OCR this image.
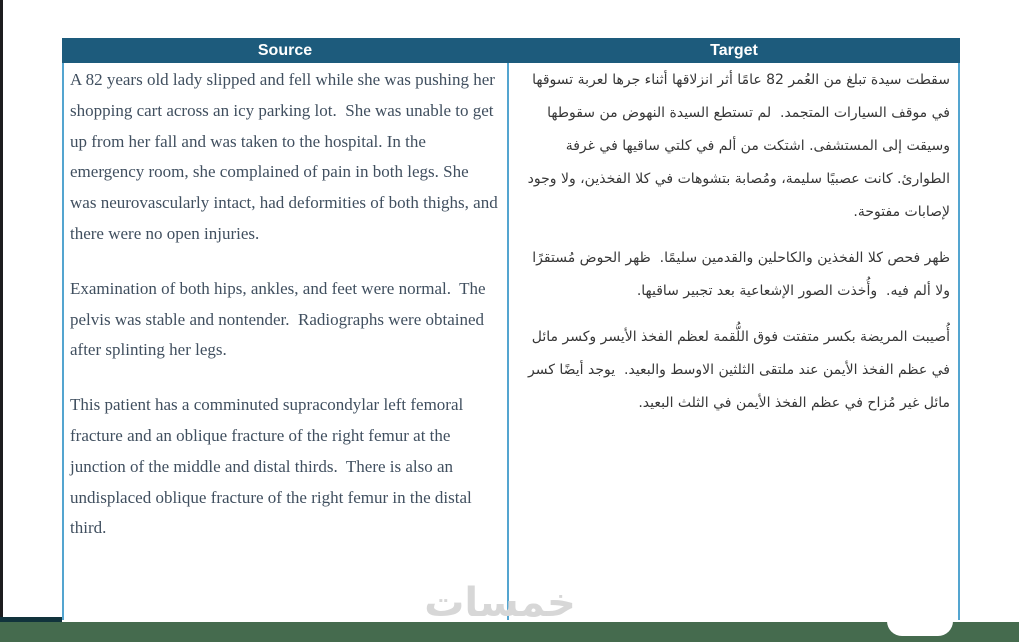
Source	Target

A 82 years old lady slipped and fell while she was pushing her shopping cart across an icy parking lot.  She was unable to get up from her fall and was taken to the hospital. In the emergency room, she complained of pain in both legs. She was neurovascularly intact, had deformities of both thighs, and there were no open injuries.

Examination of both hips, ankles, and feet were normal.  The pelvis was stable and nontender.  Radiographs were obtained after splinting her legs.

This patient has a comminuted supracondylar left femoral fracture and an oblique fracture of the right femur at the junction of the middle and distal thirds.  There is also an undisplaced oblique fracture of the right femur in the distal third.

سقطت سيدة تبلغ من العُمر 82 عامًا أثر انزلاقها أثناء جرها لعربة تسوقها في موقف السيارات المتجمد.  لم تستطع السيدة النهوض من سقوطها وسيقت إلى المستشفى. اشتكت من ألم في كلتي ساقيها في غرفة الطوارئ. كانت عصبيًا سليمة، ومُصابة بتشوهات في كلا الفخذين، ولا وجود لإصابات مفتوحة.

ظهر فحص كلا الفخذين والكاحلين والقدمين سليمًا.  ظهر الحوض مُستقرًا ولا ألم فيه.  وأُخذت الصور الإشعاعية بعد تجبير ساقيها.

أُصيبت المريضة بكسر متفتت فوق اللُّقمة لعظم الفخذ الأيسر وكسر مائل في عظم الفخذ الأيمن عند ملتقى الثلثين الاوسط والبعيد.  يوجد أيضًا كسر مائل غير مُزاح في عظم الفخذ الأيمن في الثلث البعيد.

خمسات
